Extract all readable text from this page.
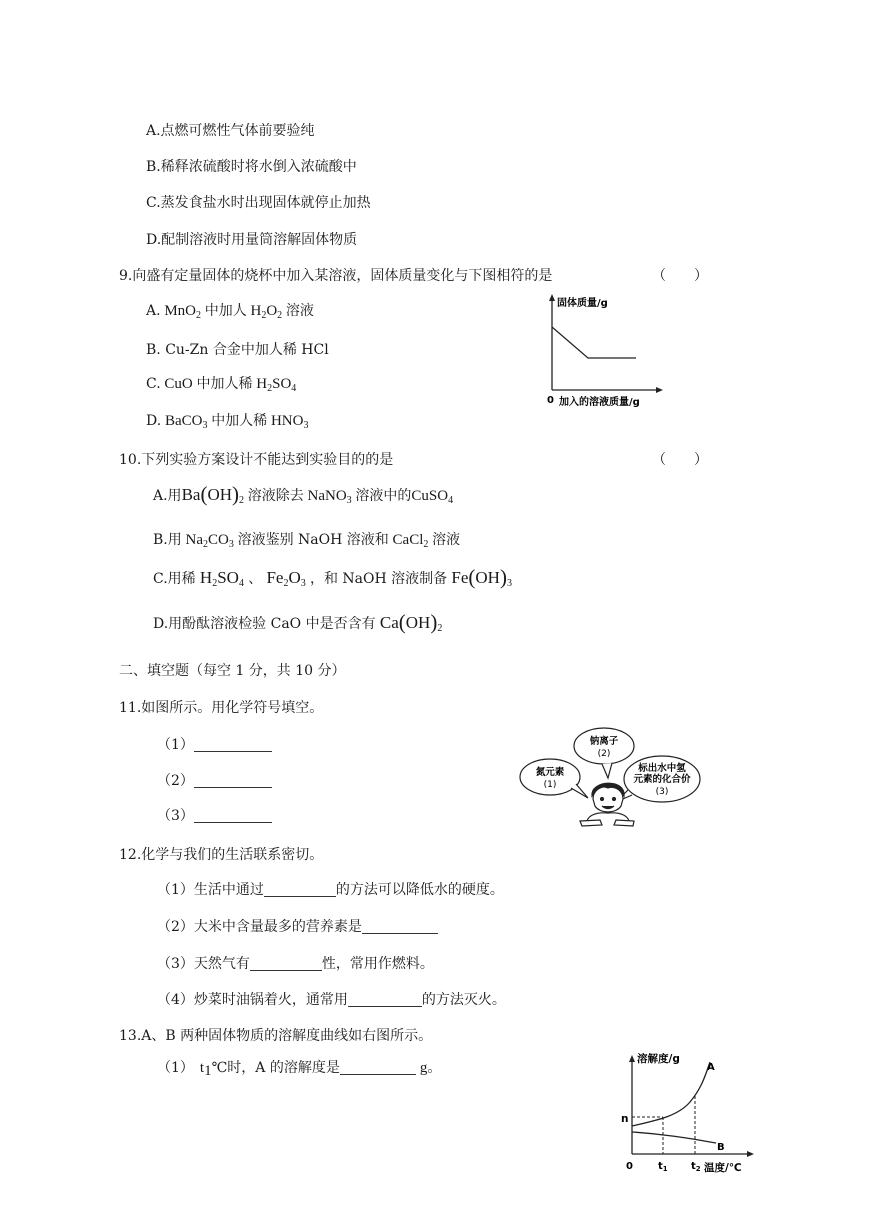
A.点燃可燃性气体前要验纯
B.稀释浓硫酸时将水倒入浓硫酸中
C.蒸发食盐水时出现固体就停止加热
D.配制溶液时用量筒溶解固体物质
9.向盛有定量固体的烧杯中加入某溶液，固体质量变化与下图相符的是	（　　）
A. MnO$_2$ 中加人 $H_2O_2$ 溶液
B. Cu-Zn 合金中加人稀 HCl
C. CuO 中加人稀 $H_2SO_4$
D. BaCO$_3$ 中加人稀 $HNO_3$
固体质量/g
0 加入的溶液质量/g
10.下列实验方案设计不能达到实验目的的是	（　　）
A.用$Ba(OH)_2$ 溶液除去 NaNO$_3$ 溶液中的CuSO$_4$
B.用 $Na_2CO_3$ 溶液鉴别 NaOH 溶液和 CaCl$_2$ 溶液
C.用稀 $H_2SO_4$ 、 $Fe_2O_3$ ，和 NaOH 溶液制备 $Fe(OH)_3$
D.用酚酞溶液检验 CaO 中是否含有 $Ca(OH)_2$
二、填空题（每空 1 分，共 10 分）
11.如图所示。用化学符号填空。
（1）
（2）
（3）
氮元素
(1)
钠离子
(2)
标出水中氢
元素的化合价
(3)
12.化学与我们的生活联系密切。
（1）生活中通过	的方法可以降低水的硬度。
（2）大米中含量最多的营养素是
（3）天然气有	性，常用作燃料。
（4）炒菜时油锅着火，通常用	的方法灭火。
13.A、B 两种固体物质的溶解度曲线如右图所示。
（1） $t_1℃$时，A 的溶解度是	g。
溶解度/g
A
B
n
0	$t_1$ $t_2$ 温度/℃
